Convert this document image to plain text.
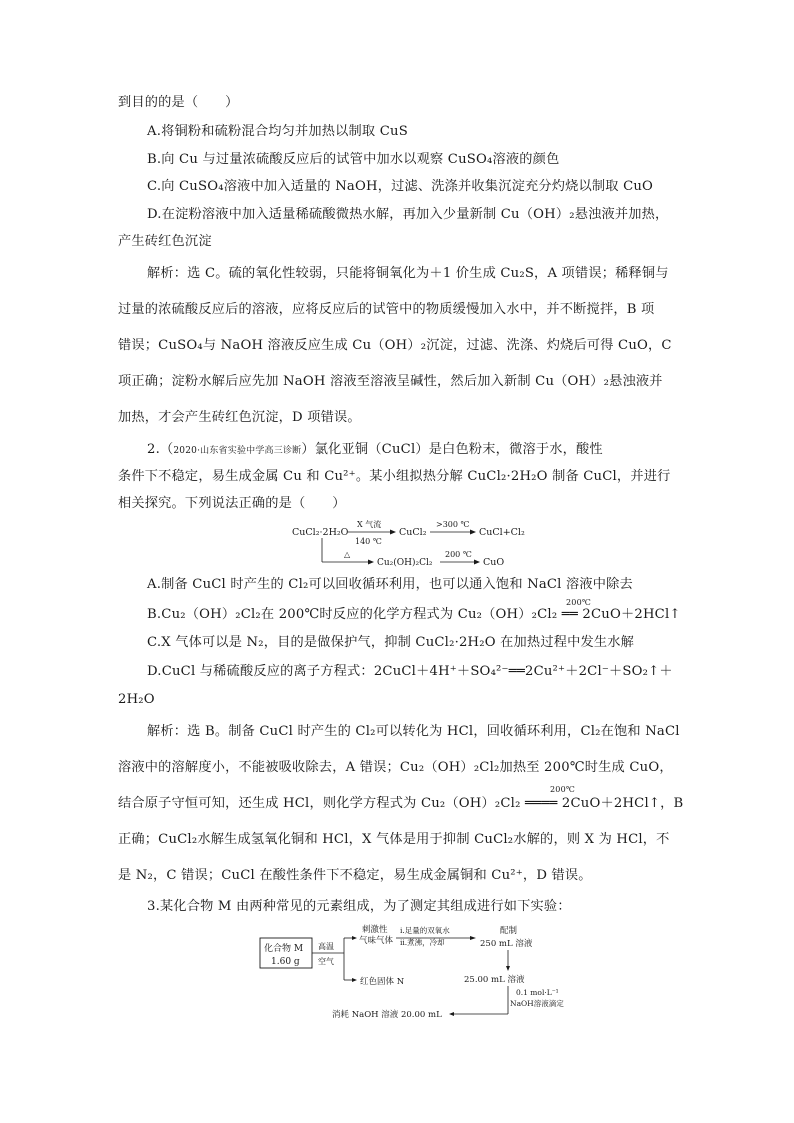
到目的的是（　　）
A.将铜粉和硫粉混合均匀并加热以制取 CuS
B.向 Cu 与过量浓硫酸反应后的试管中加水以观察 CuSO₄溶液的颜色
C.向 CuSO₄溶液中加入适量的 NaOH，过滤、洗涤并收集沉淀充分灼烧以制取 CuO
D.在淀粉溶液中加入适量稀硫酸微热水解，再加入少量新制 Cu（OH）₂悬浊液并加热，
产生砖红色沉淀
解析：选 C。硫的氧化性较弱，只能将铜氧化为＋1 价生成 Cu₂S，A 项错误；稀释铜与
过量的浓硫酸反应后的溶液，应将反应后的试管中的物质缓慢加入水中，并不断搅拌，B 项
错误；CuSO₄与 NaOH 溶液反应生成 Cu（OH）₂沉淀，过滤、洗涤、灼烧后可得 CuO，C
项正确；淀粉水解后应先加 NaOH 溶液至溶液呈碱性，然后加入新制 Cu（OH）₂悬浊液并
加热，才会产生砖红色沉淀，D 项错误。
2.（2020·山东省实验中学高三诊断）氯化亚铜（CuCl）是白色粉末，微溶于水，酸性
条件下不稳定，易生成金属 Cu 和 Cu²⁺。某小组拟热分解 CuCl₂·2H₂O 制备 CuCl，并进行
相关探究。下列说法正确的是（　　）
CuCl₂·2H₂O
X 气流
140 ℃
CuCl₂
>300 ℃
CuCl+Cl₂
△
Cu₂(OH)₂Cl₂
200 ℃
CuO
A.制备 CuCl 时产生的 Cl₂可以回收循环利用，也可以通入饱和 NaCl 溶液中除去
B.Cu₂（OH）₂Cl₂在 200℃时反应的化学方程式为 Cu₂（OH）₂Cl₂ ══ 2CuO＋2HCl↑
200℃
C.X 气体可以是 N₂，目的是做保护气，抑制 CuCl₂·2H₂O 在加热过程中发生水解
D.CuCl 与稀硫酸反应的离子方程式：2CuCl＋4H⁺＋SO₄²⁻══2Cu²⁺＋2Cl⁻＋SO₂↑＋
2H₂O
解析：选 B。制备 CuCl 时产生的 Cl₂可以转化为 HCl，回收循环利用，Cl₂在饱和 NaCl
溶液中的溶解度小，不能被吸收除去，A 错误；Cu₂（OH）₂Cl₂加热至 200℃时生成 CuO，
结合原子守恒可知，还生成 HCl，则化学方程式为 Cu₂（OH）₂Cl₂ ════ 2CuO＋2HCl↑，B
200℃
正确；CuCl₂水解生成氢氧化铜和 HCl，X 气体是用于抑制 CuCl₂水解的，则 X 为 HCl，不
是 N₂，C 错误；CuCl 在酸性条件下不稳定，易生成金属铜和 Cu²⁺，D 错误。
3.某化合物 M 由两种常见的元素组成，为了测定其组成进行如下实验：
化合物 M
1.60 g
高温
空气
刺激性
气味气体
ⅰ.足量的双氧水
ⅱ.煮沸，冷却
配制
250 mL 溶液
红色固体 N	25.00 mL 溶液
0.1 mol·L⁻¹
NaOH溶液滴定
消耗 NaOH 溶液 20.00 mL
